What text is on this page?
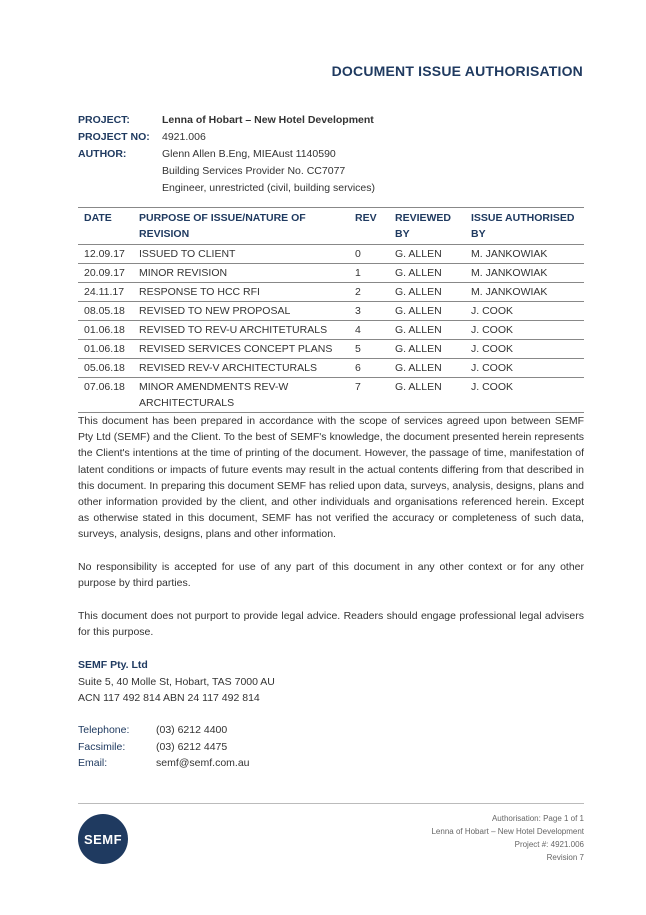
DOCUMENT ISSUE AUTHORISATION
PROJECT:	Lenna of Hobart – New Hotel Development
PROJECT NO:	4921.006
AUTHOR:	Glenn Allen B.Eng, MIEAust 1140590
Building Services Provider No. CC7077
Engineer, unrestricted (civil, building services)
DATE	PURPOSE OF ISSUE/NATURE OF REVISION	REV	REVIEWED BY	ISSUE AUTHORISED BY
12.09.17	ISSUED TO CLIENT	0	G. ALLEN	M. JANKOWIAK
20.09.17	MINOR REVISION	1	G. ALLEN	M. JANKOWIAK
24.11.17	RESPONSE TO HCC RFI	2	G. ALLEN	M. JANKOWIAK
08.05.18	REVISED TO NEW PROPOSAL	3	G. ALLEN	J. COOK
01.06.18	REVISED TO REV-U ARCHITETURALS	4	G. ALLEN	J. COOK
01.06.18	REVISED SERVICES CONCEPT PLANS	5	G. ALLEN	J. COOK
05.06.18	REVISED REV-V ARCHITECTURALS	6	G. ALLEN	J. COOK
07.06.18	MINOR AMENDMENTS REV-W ARCHITECTURALS	7	G. ALLEN	J. COOK
This document has been prepared in accordance with the scope of services agreed upon between SEMF Pty Ltd (SEMF) and the Client. To the best of SEMF's knowledge, the document presented herein represents the Client's intentions at the time of printing of the document. However, the passage of time, manifestation of latent conditions or impacts of future events may result in the actual contents differing from that described in this document. In preparing this document SEMF has relied upon data, surveys, analysis, designs, plans and other information provided by the client, and other individuals and organisations referenced herein. Except as otherwise stated in this document, SEMF has not verified the accuracy or completeness of such data, surveys, analysis, designs, plans and other information.
No responsibility is accepted for use of any part of this document in any other context or for any other purpose by third parties.
This document does not purport to provide legal advice. Readers should engage professional legal advisers for this purpose.
SEMF Pty. Ltd
Suite 5, 40 Molle St, Hobart, TAS 7000 AU
ACN 117 492 814 ABN 24 117 492 814
Telephone:	(03) 6212 4400
Facsimile:	(03) 6212 4475
Email:	semf@semf.com.au
SEMF
Authorisation: Page 1 of 1
Lenna of Hobart – New Hotel Development
Project #: 4921.006
Revision 7
